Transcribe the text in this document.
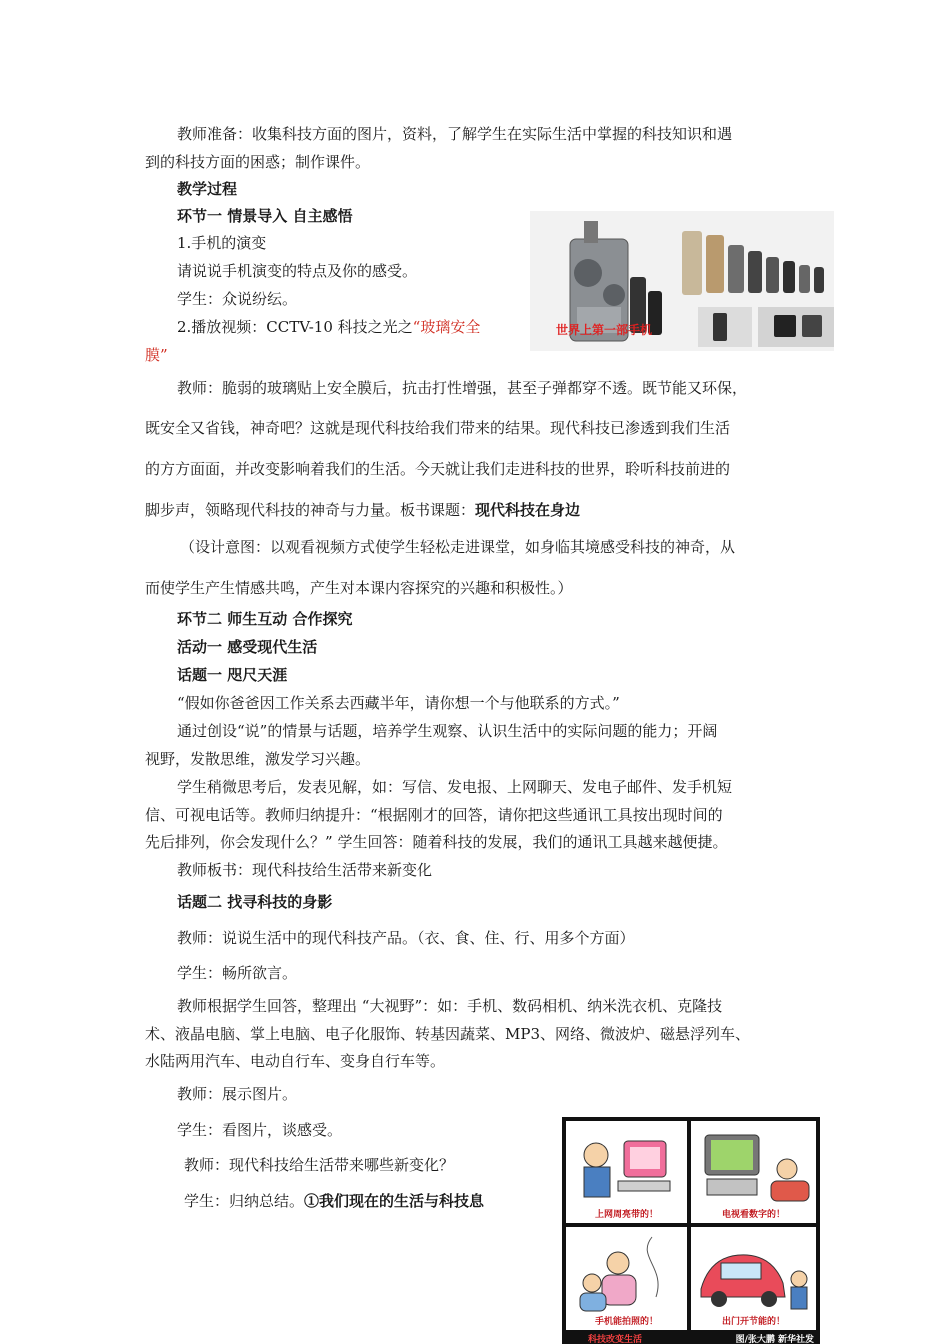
教师准备：收集科技方面的图片，资料，了解学生在实际生活中掌握的科技知识和遇
到的科技方面的困惑；制作课件。
教学过程
环节一 情景导入 自主感悟
1.手机的演变
请说说手机演变的特点及你的感受。
学生：众说纷纭。
2.播放视频：CCTV-10 科技之光之“玻璃安全
膜”
教师：脆弱的玻璃贴上安全膜后，抗击打性增强，甚至子弹都穿不透。既节能又环保，
既安全又省钱，神奇吧？这就是现代科技给我们带来的结果。现代科技已渗透到我们生活
的方方面面，并改变影响着我们的生活。今天就让我们走进科技的世界，聆听科技前进的
脚步声，领略现代科技的神奇与力量。板书课题：现代科技在身边
（设计意图：以观看视频方式使学生轻松走进课堂，如身临其境感受科技的神奇，从
而使学生产生情感共鸣，产生对本课内容探究的兴趣和积极性。）
环节二 师生互动 合作探究
活动一 感受现代生活
话题一 咫尺天涯
“假如你爸爸因工作关系去西藏半年，请你想一个与他联系的方式。”
通过创设“说”的情景与话题，培养学生观察、认识生活中的实际问题的能力；开阔
视野，发散思维，激发学习兴趣。
学生稍微思考后，发表见解，如：写信、发电报、上网聊天、发电子邮件、发手机短
信、可视电话等。教师归纳提升：“根据刚才的回答，请你把这些通讯工具按出现时间的
先后排列，你会发现什么？” 学生回答：随着科技的发展，我们的通讯工具越来越便捷。
教师板书：现代科技给生活带来新变化
话题二 找寻科技的身影
教师：说说生活中的现代科技产品。（衣、食、住、行、用多个方面）
学生：畅所欲言。
教师根据学生回答，整理出 “大视野”：如：手机、数码相机、纳米洗衣机、克隆技
术、液晶电脑、掌上电脑、电子化服饰、转基因蔬菜、MP3、网络、微波炉、磁悬浮列车、
水陆两用汽车、电动自行车、变身自行车等。
教师：展示图片。
学生：看图片，谈感受。
教师：现代科技给生活带来哪些新变化？
学生：归纳总结。①我们现在的生活与科技息
世界上第一部手机
上网周亮带的！	电视看数字的！
手机能拍照的！	出门开节能的！
科技改变生活	图/张大鹏 新华社发
